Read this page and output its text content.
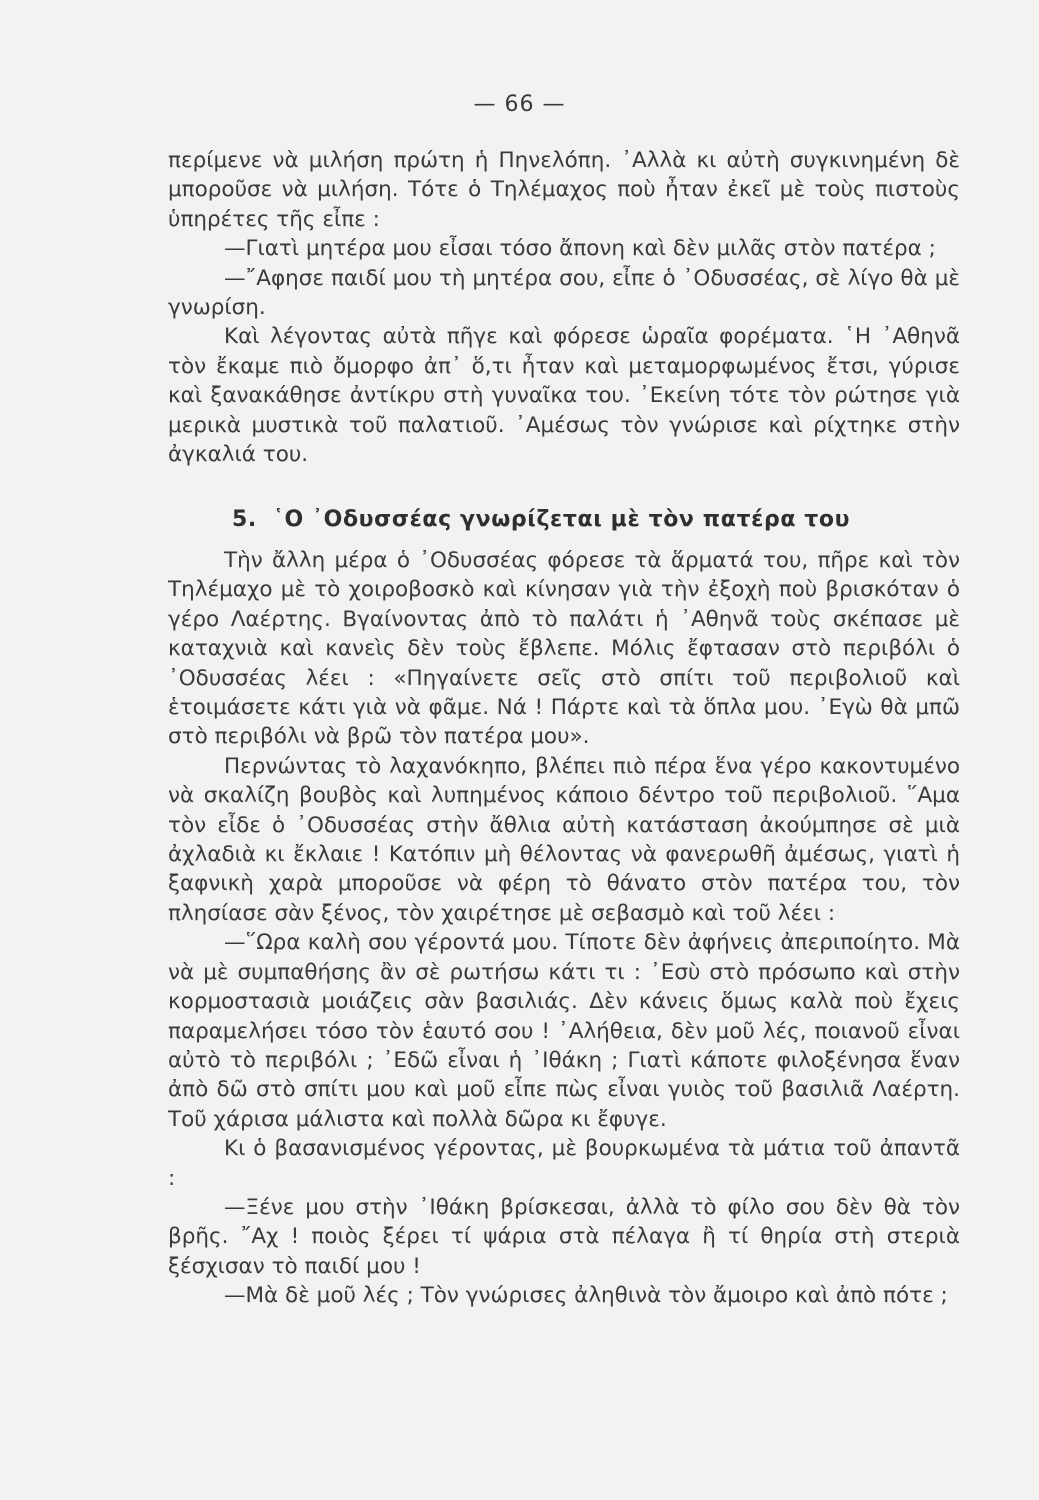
— 66 —

περίμενε νὰ μιλήση πρώτη ἡ Πηνελόπη. ᾿Αλλὰ κι αὐτὴ συγκινημένη δὲ μποροῦσε νὰ μιλήση. Τότε ὁ Τηλέμαχος ποὺ ἦταν ἐκεῖ μὲ τοὺς πιστοὺς ὑπηρέτες τῆς εἶπε :

—Γιατὶ μητέρα μου εἶσαι τόσο ἄπονη καὶ δὲν μιλᾶς στὸν πατέρα ;

—῎Αφησε παιδί μου τὴ μητέρα σου, εἶπε ὁ ᾿Οδυσσέας, σὲ λίγο θὰ μὲ γνωρίση.

Καὶ λέγοντας αὐτὰ πῆγε καὶ φόρεσε ὡραῖα φορέματα. ῾Η ᾿Αθηνᾶ τὸν ἔκαμε πιὸ ὄμορφο ἀπ᾿ ὅ,τι ἦταν καὶ μεταμορφωμένος ἔτσι, γύρισε καὶ ξανακάθησε ἀντίκρυ στὴ γυναῖκα του. ᾿Εκείνη τότε τὸν ρώτησε γιὰ μερικὰ μυστικὰ τοῦ παλατιοῦ. ᾿Αμέσως τὸν γνώρισε καὶ ρίχτηκε στὴν ἀγκαλιά του.

5. ῾Ο ᾿Οδυσσέας γνωρίζεται μὲ τὸν πατέρα του

Τὴν ἄλλη μέρα ὁ ᾿Οδυσσέας φόρεσε τὰ ἅρματά του, πῆρε καὶ τὸν Τηλέμαχο μὲ τὸ χοιροβοσκὸ καὶ κίνησαν γιὰ τὴν ἐξοχὴ ποὺ βρισκόταν ὁ γέρο Λαέρτης. Βγαίνοντας ἀπὸ τὸ παλάτι ἡ ᾿Αθηνᾶ τοὺς σκέπασε μὲ καταχνιὰ καὶ κανεὶς δὲν τοὺς ἔβλεπε. Μόλις ἔφτασαν στὸ περιβόλι ὁ ᾿Οδυσσέας λέει : «Πηγαίνετε σεῖς στὸ σπίτι τοῦ περιβολιοῦ καὶ ἑτοιμάσετε κάτι γιὰ νὰ φᾶμε. Νά ! Πάρτε καὶ τὰ ὅπλα μου. ᾿Εγὼ θὰ μπῶ στὸ περιβόλι νὰ βρῶ τὸν πατέρα μου».

Περνώντας τὸ λαχανόκηπο, βλέπει πιὸ πέρα ἕνα γέρο κακοντυμένο νὰ σκαλίζη βουβὸς καὶ λυπημένος κάποιο δέντρο τοῦ περιβολιοῦ. ῞Αμα τὸν εἶδε ὁ ᾿Οδυσσέας στὴν ἄθλια αὐτὴ κατάσταση ἀκούμπησε σὲ μιὰ ἀχλαδιὰ κι ἔκλαιε ! Κατόπιν μὴ θέλοντας νὰ φανερωθῆ ἀμέσως, γιατὶ ἡ ξαφνικὴ χαρὰ μποροῦσε νὰ φέρη τὸ θάνατο στὸν πατέρα του, τὸν πλησίασε σὰν ξένος, τὸν χαιρέτησε μὲ σεβασμὸ καὶ τοῦ λέει :

—῞Ωρα καλὴ σου γέροντά μου. Τίποτε δὲν ἀφήνεις ἀπεριποίητο. Μὰ νὰ μὲ συμπαθήσης ἂν σὲ ρωτήσω κάτι τι : ᾿Εσὺ στὸ πρόσωπο καὶ στὴν κορμοστασιὰ μοιάζεις σὰν βασιλιάς. Δὲν κάνεις ὅμως καλὰ ποὺ ἔχεις παραμελήσει τόσο τὸν ἑαυτό σου ! ᾿Αλήθεια, δὲν μοῦ λές, ποιανοῦ εἶναι αὐτὸ τὸ περιβόλι ; ᾿Εδῶ εἶναι ἡ ᾿Ιθάκη ; Γιατὶ κάποτε φιλοξένησα ἕναν ἀπὸ δῶ στὸ σπίτι μου καὶ μοῦ εἶπε πὼς εἶναι γυιὸς τοῦ βασιλιᾶ Λαέρτη. Τοῦ χάρισα μάλιστα καὶ πολλὰ δῶρα κι ἔφυγε.

Κι ὁ βασανισμένος γέροντας, μὲ βουρκωμένα τὰ μάτια τοῦ ἀπαντᾶ :

—Ξένε μου στὴν ᾿Ιθάκη βρίσκεσαι, ἀλλὰ τὸ φίλο σου δὲν θὰ τὸν βρῆς. ῎Αχ ! ποιὸς ξέρει τί ψάρια στὰ πέλαγα ἢ τί θηρία στὴ στεριὰ ξέσχισαν τὸ παιδί μου !

—Μὰ δὲ μοῦ λές ; Τὸν γνώρισες ἀληθινὰ τὸν ἄμοιρο καὶ ἀπὸ πότε ;
